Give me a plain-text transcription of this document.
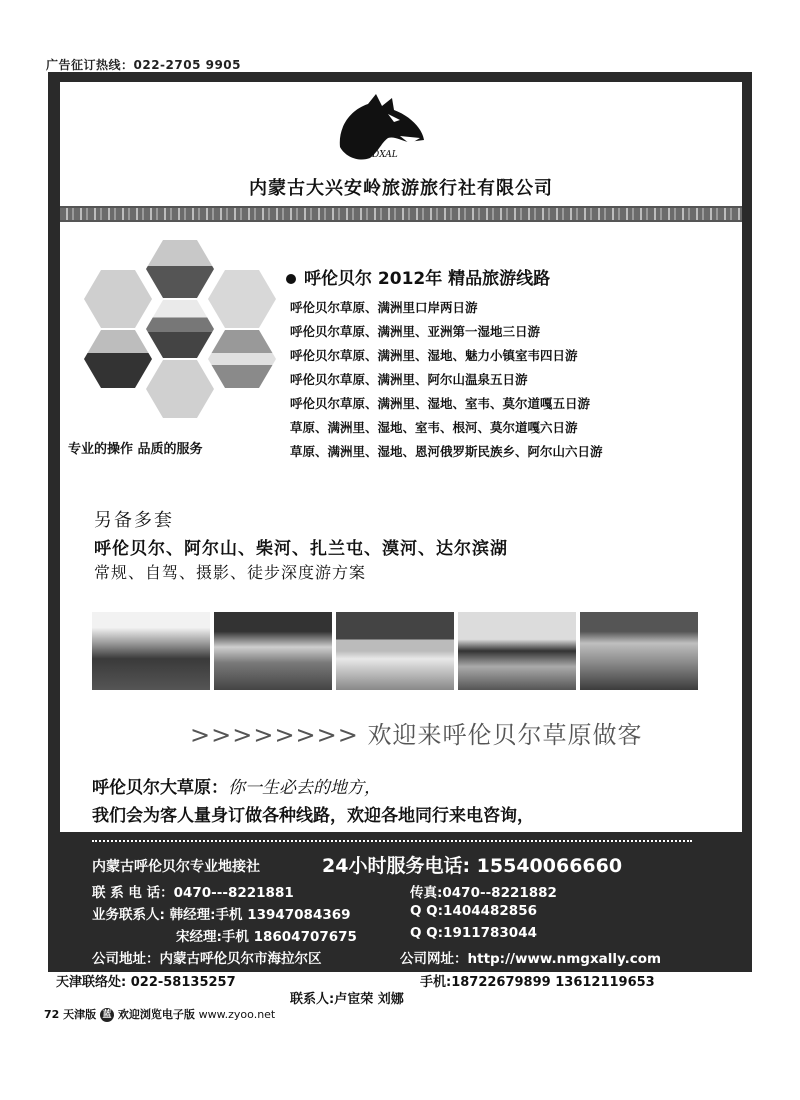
广告征订热线：022-2705 9905
DXAL
内蒙古大兴安岭旅游旅行社有限公司
呼伦贝尔 2012年 精品旅游线路
呼伦贝尔草原、满洲里口岸两日游
呼伦贝尔草原、满洲里、亚洲第一湿地三日游
呼伦贝尔草原、满洲里、湿地、魅力小镇室韦四日游
呼伦贝尔草原、满洲里、阿尔山温泉五日游
呼伦贝尔草原、满洲里、湿地、室韦、莫尔道嘎五日游
草原、满洲里、湿地、室韦、根河、莫尔道嘎六日游
草原、满洲里、湿地、恩河俄罗斯民族乡、阿尔山六日游
专业的操作 品质的服务
另备多套
呼伦贝尔、阿尔山、柴河、扎兰屯、漠河、达尔滨湖
常规、自驾、摄影、徒步深度游方案
>>>>>>>> 欢迎来呼伦贝尔草原做客
呼伦贝尔大草原：你一生必去的地方，
我们会为客人量身订做各种线路，欢迎各地同行来电咨询，
内蒙古呼伦贝尔专业地接社	24小时服务电话: 15540066660
联 系 电 话：0470---8221881	传真:0470--8221882
业务联系人: 韩经理:手机 13947084369	Q Q:1404482856
宋经理:手机 18604707675	Q Q:1911783044
公司地址：内蒙古呼伦贝尔市海拉尔区	公司网址：http://www.nmgxally.com
天津联络处: 022-58135257	手机:18722679899 13612119653
联系人:卢宦荣 刘娜
72 天津版 蓝 欢迎浏览电子版 www.zyoo.net
